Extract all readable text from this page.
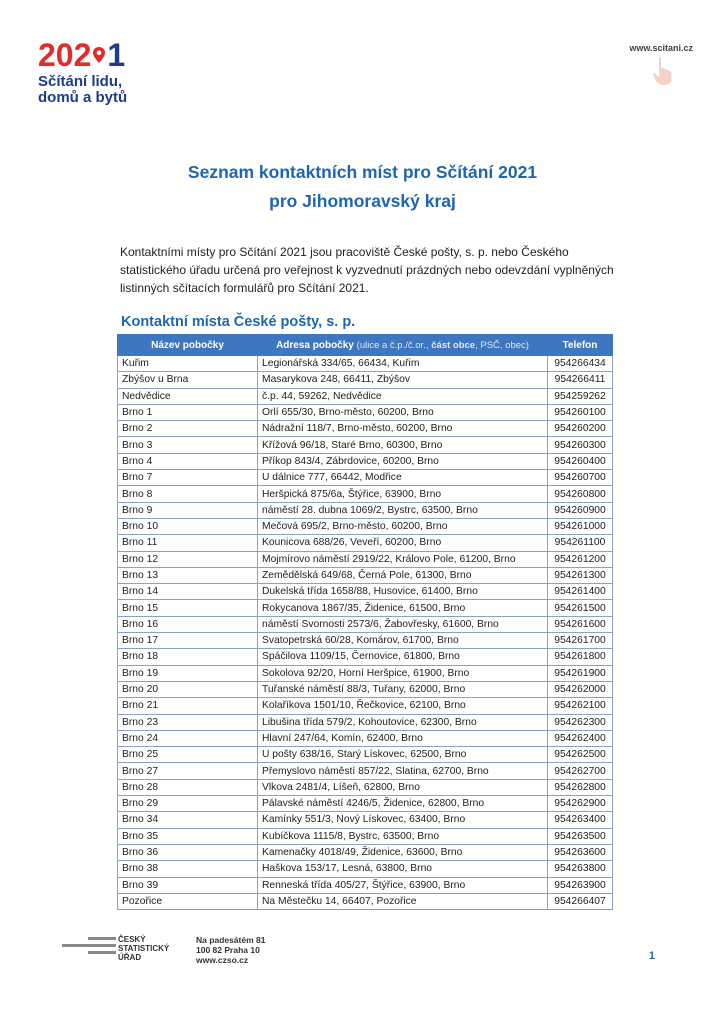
2 0 2 1
Sčítání lidu,
domů a bytů
www.scitani.cz
Seznam kontaktních míst pro Sčítání 2021
pro Jihomoravský kraj
Kontaktními místy pro Sčítání 2021 jsou pracoviště České pošty, s. p. nebo Českého statistického úřadu určená pro veřejnost k vyzvednutí prázdných nebo odevzdání vyplněných listinných sčítacích formulářů pro Sčítání 2021.
Kontaktní místa České pošty, s. p.
Název pobočky	Adresa pobočky (ulice a č.p./č.or., část obce, PSČ, obec)	Telefon
Kuřim	Legionářská 334/65, 66434, Kuřim	954266434
Zbýšov u Brna	Masarykova 248, 66411, Zbýšov	954266411
Nedvědice	č.p. 44, 59262, Nedvědice	954259262
Brno 1	Orlí 655/30, Brno-město, 60200, Brno	954260100
Brno 2	Nádražní 118/7, Brno-město, 60200, Brno	954260200
Brno 3	Křížová 96/18, Staré Brno, 60300, Brno	954260300
Brno 4	Příkop 843/4, Zábrdovice, 60200, Brno	954260400
Brno 7	U dálnice 777, 66442, Modřice	954260700
Brno 8	Heršpická 875/6a, Štýřice, 63900, Brno	954260800
Brno 9	náměstí 28. dubna 1069/2, Bystrc, 63500, Brno	954260900
Brno 10	Mečová 695/2, Brno-město, 60200, Brno	954261000
Brno 11	Kounicova 688/26, Veveří, 60200, Brno	954261100
Brno 12	Mojmírovo náměstí 2919/22, Královo Pole, 61200, Brno	954261200
Brno 13	Zemědělská 649/68, Černá Pole, 61300, Brno	954261300
Brno 14	Dukelská třída 1658/88, Husovice, 61400, Brno	954261400
Brno 15	Rokycanova 1867/35, Židenice, 61500, Brno	954261500
Brno 16	náměstí Svornosti 2573/6, Žabovřesky, 61600, Brno	954261600
Brno 17	Svatopetrská 60/28, Komárov, 61700, Brno	954261700
Brno 18	Spáčilova 1109/15, Černovice, 61800, Brno	954261800
Brno 19	Sokolova 92/20, Horní Heršpice, 61900, Brno	954261900
Brno 20	Tuřanské náměstí 88/3, Tuřany, 62000, Brno	954262000
Brno 21	Kolaříkova 1501/10, Řečkovice, 62100, Brno	954262100
Brno 23	Libušina třída 579/2, Kohoutovice, 62300, Brno	954262300
Brno 24	Hlavní 247/64, Komín, 62400, Brno	954262400
Brno 25	U pošty 638/16, Starý Lískovec, 62500, Brno	954262500
Brno 27	Přemyslovo náměstí 857/22, Slatina, 62700, Brno	954262700
Brno 28	Vlkova 2481/4, Líšeň, 62800, Brno	954262800
Brno 29	Pálavské náměstí 4246/5, Židenice, 62800, Brno	954262900
Brno 34	Kamínky 551/3, Nový Lískovec, 63400, Brno	954263400
Brno 35	Kubíčkova 1115/8, Bystrc, 63500, Brno	954263500
Brno 36	Kamenačky 4018/49, Židenice, 63600, Brno	954263600
Brno 38	Haškova 153/17, Lesná, 63800, Brno	954263800
Brno 39	Renneská třída 405/27, Štýřice, 63900, Brno	954263900
Pozořice	Na Městečku 14, 66407, Pozořice	954266407
ČESKÝ
STATISTICKÝ
ÚŘAD
Na padesátém 81
100 82 Praha 10
www.czso.cz	1
